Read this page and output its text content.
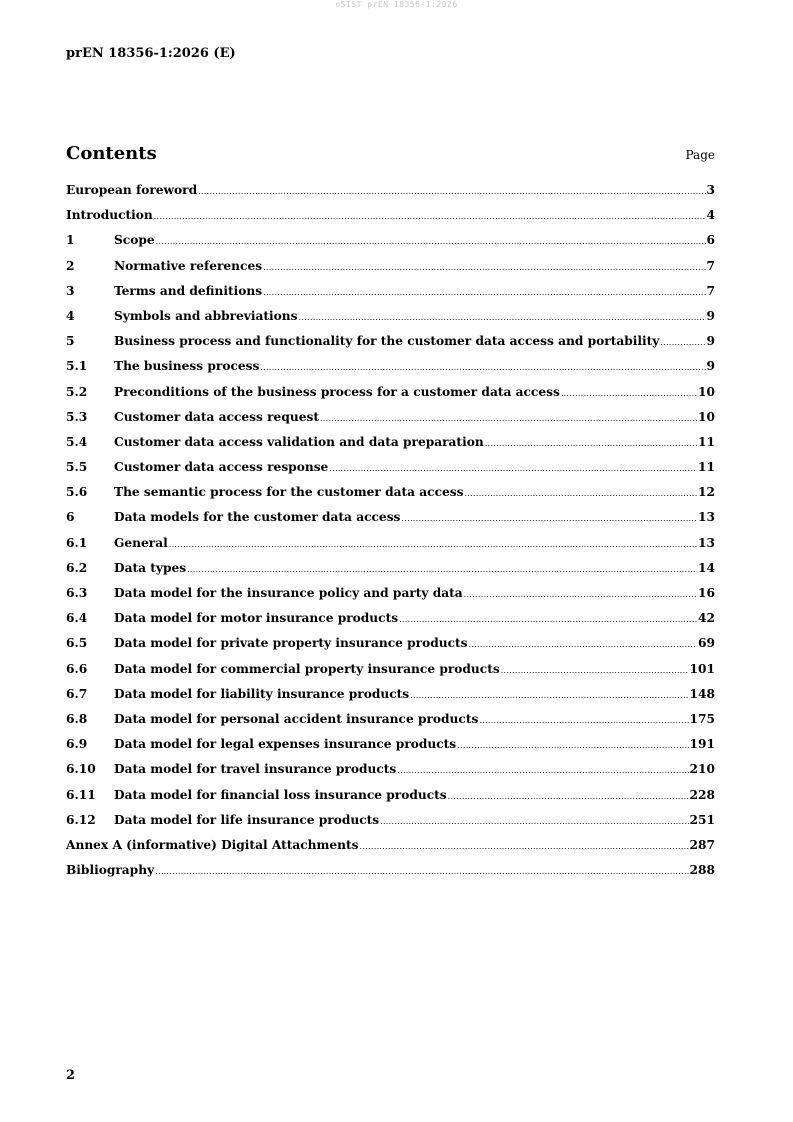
oSIST prEN 18356-1:2026
prEN 18356-1:2026 (E)
Contents	Page
European foreword .....	3
Introduction .....	4
1	Scope .....	6
2	Normative references .....	7
3	Terms and definitions .....	7
4	Symbols and abbreviations .....	9
5	Business process and functionality for the customer data access and portability .....	9
5.1	The business process .....	9
5.2	Preconditions of the business process for a customer data access .....	10
5.3	Customer data access request .....	10
5.4	Customer data access validation and data preparation .....	11
5.5	Customer data access response .....	11
5.6	The semantic process for the customer data access .....	12
6	Data models for the customer data access .....	13
6.1	General .....	13
6.2	Data types .....	14
6.3	Data model for the insurance policy and party data .....	16
6.4	Data model for motor insurance products .....	42
6.5	Data model for private property insurance products .....	69
6.6	Data model for commercial property insurance products .....	101
6.7	Data model for liability insurance products .....	148
6.8	Data model for personal accident insurance products .....	175
6.9	Data model for legal expenses insurance products .....	191
6.10	Data model for travel insurance products .....	210
6.11	Data model for financial loss insurance products .....	228
6.12	Data model for life insurance products .....	251
Annex A (informative) Digital Attachments .....	287
Bibliography .....	288
2
